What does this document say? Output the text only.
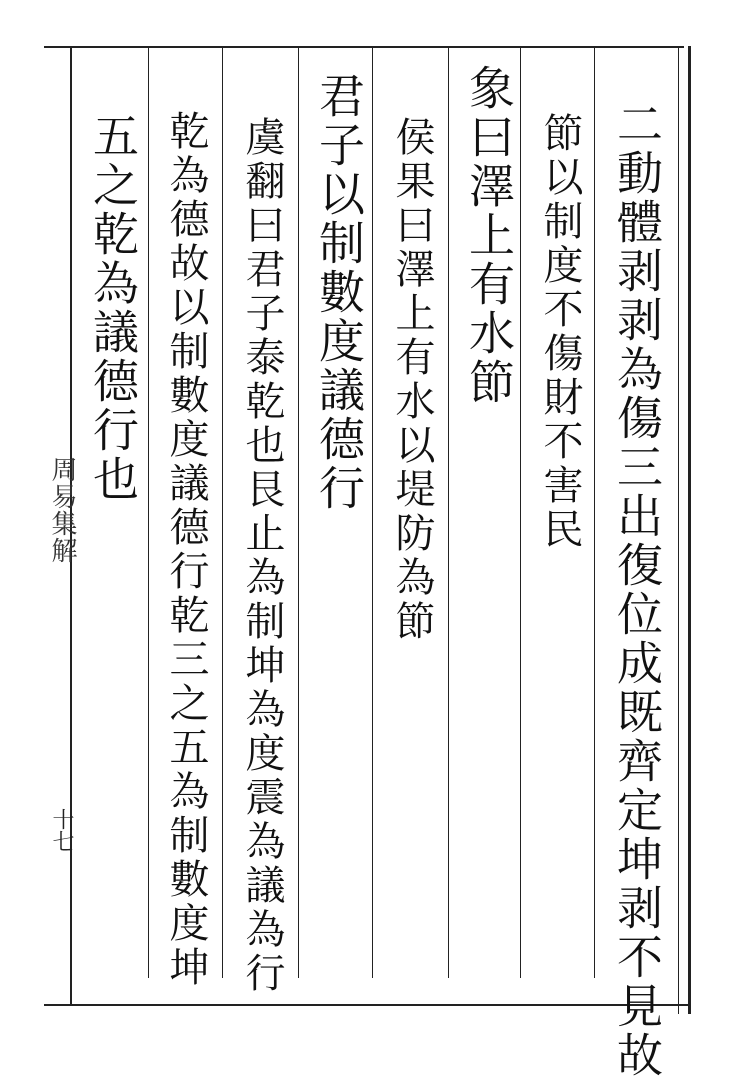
二動體剥剥為傷三出復位成既齊定坤剥不見故
節以制度不傷財不害民
象曰澤上有水節
侯果曰澤上有水以堤防為節
君子以制數度議德行
虞翻曰君子泰乾也艮止為制坤為度震為議為行
乾為德故以制數度議德行乾三之五為制數度坤
五之乾為議德行也
周易集解
十七
